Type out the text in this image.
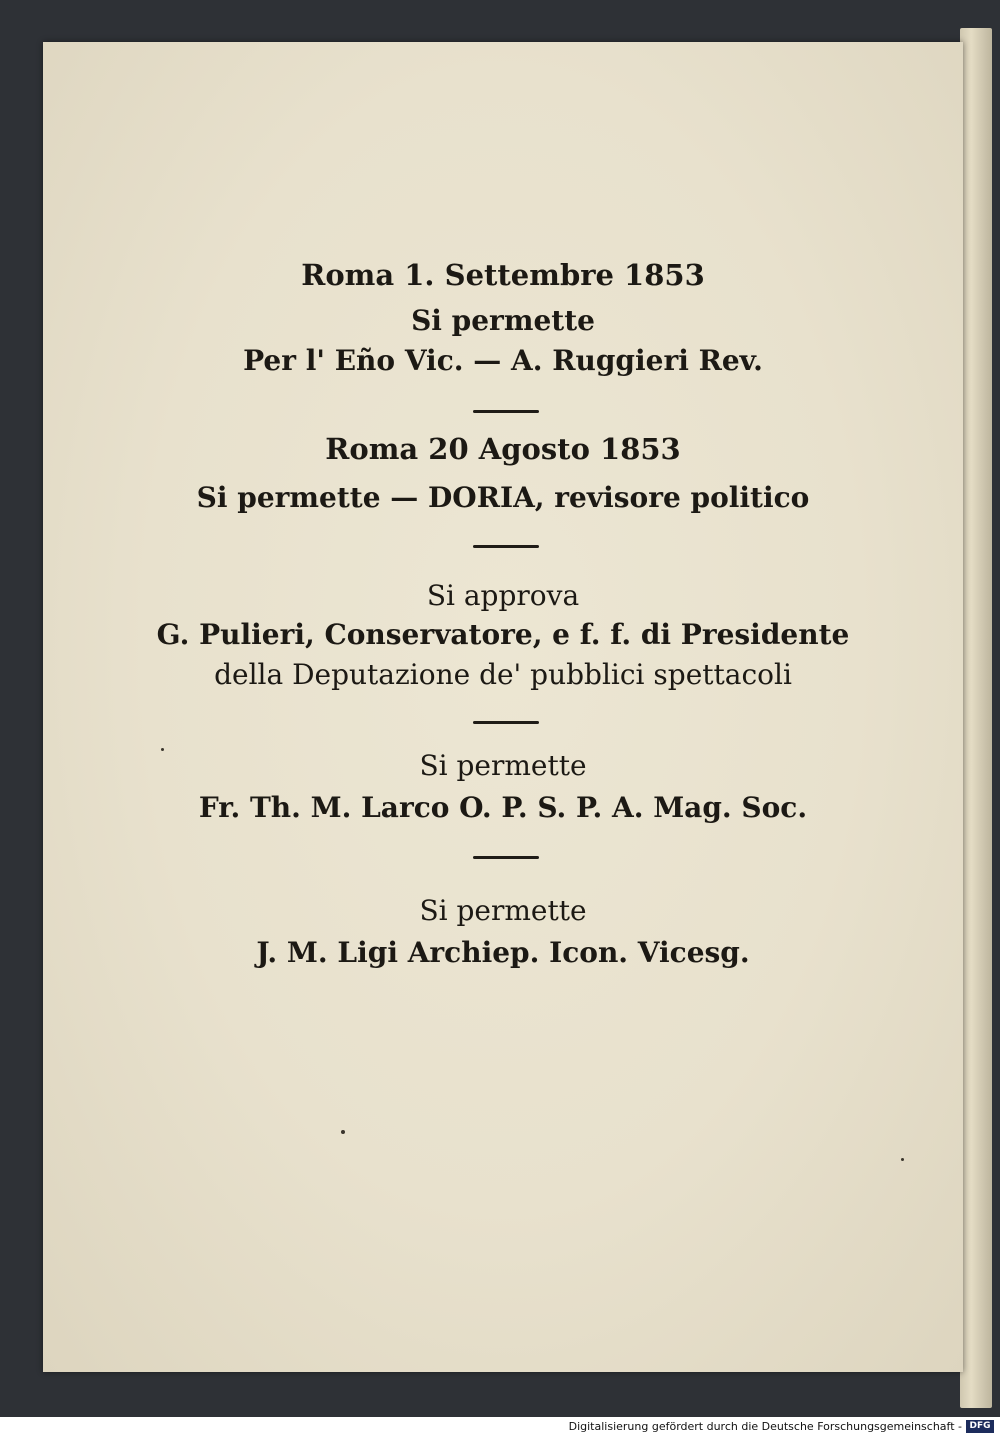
Roma 1. Settembre 1853
Si permette
Per l' Eño Vic. — A. Ruggieri Rev.
Roma 20 Agosto 1853
Si permette — DORIA, revisore politico
Si approva
G. Pulieri, Conservatore, e f. f. di Presidente
della Deputazione de' pubblici spettacoli
Si permette
Fr. Th. M. Larco O. P. S. P. A. Mag. Soc.
Si permette
J. M. Ligi Archiep. Icon. Vicesg.
Digitalisierung gefördert durch die Deutsche Forschungsgemeinschaft - DFG
